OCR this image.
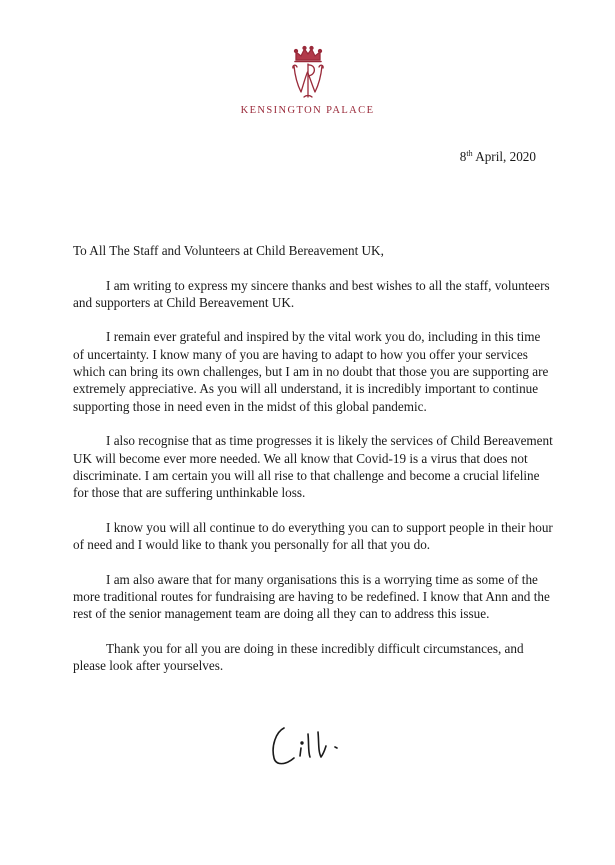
KENSINGTON PALACE
8th April, 2020

To All The Staff and Volunteers at Child Bereavement UK,

I am writing to express my sincere thanks and best wishes to all the staff, volunteers and supporters at Child Bereavement UK.

I remain ever grateful and inspired by the vital work you do, including in this time of uncertainty. I know many of you are having to adapt to how you offer your services which can bring its own challenges, but I am in no doubt that those you are supporting are extremely appreciative. As you will all understand, it is incredibly important to continue supporting those in need even in the midst of this global pandemic.

I also recognise that as time progresses it is likely the services of Child Bereavement UK will become ever more needed. We all know that Covid-19 is a virus that does not discriminate. I am certain you will all rise to that challenge and become a crucial lifeline for those that are suffering unthinkable loss.

I know you will all continue to do everything you can to support people in their hour of need and I would like to thank you personally for all that you do.

I am also aware that for many organisations this is a worrying time as some of the more traditional routes for fundraising are having to be redefined. I know that Ann and the rest of the senior management team are doing all they can to address this issue.

Thank you for all you are doing in these incredibly difficult circumstances, and please look after yourselves.
